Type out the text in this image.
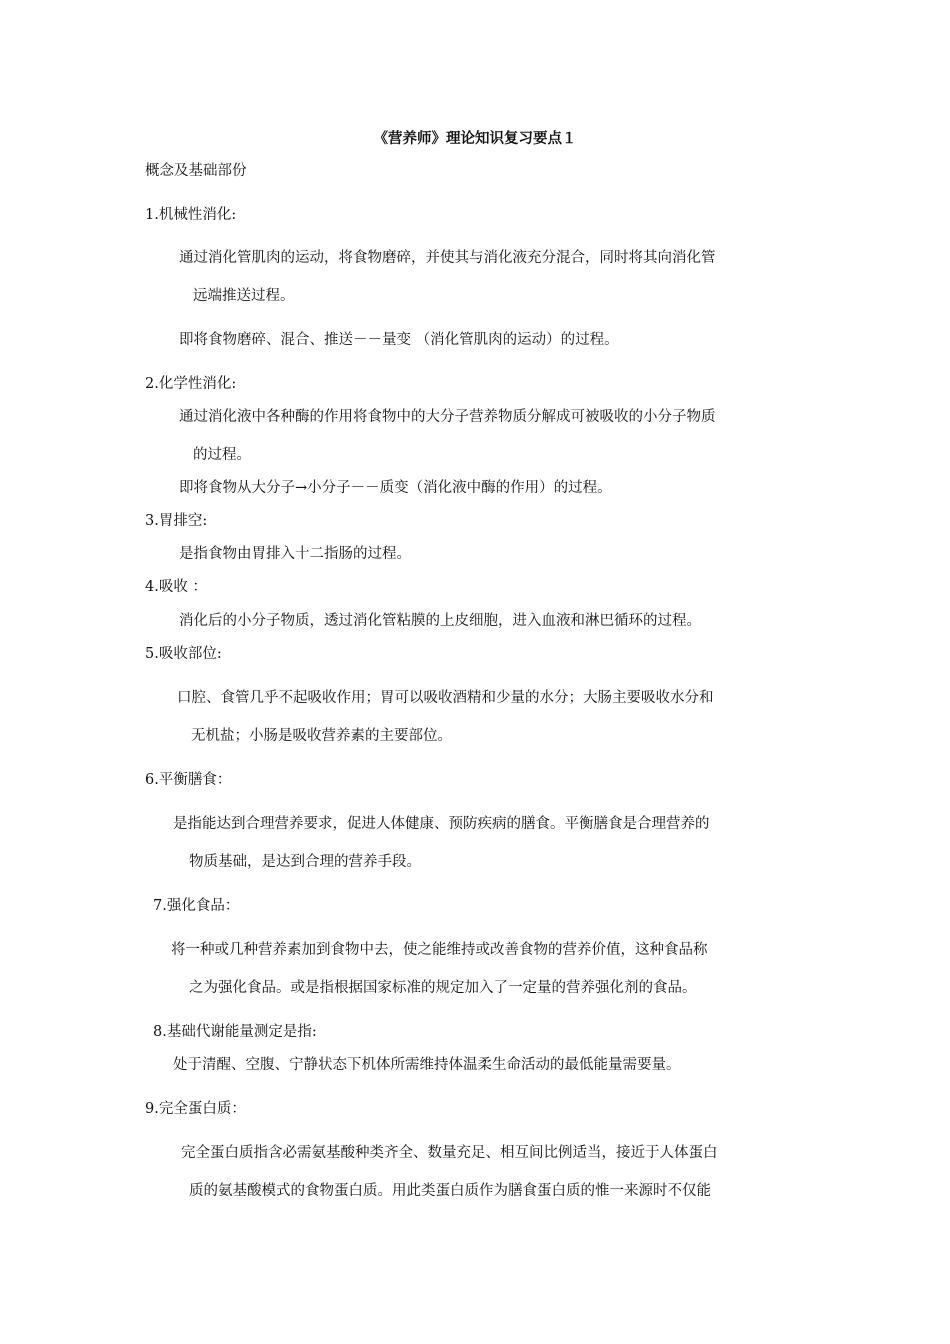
《营养师》理论知识复习要点１
概念及基础部份
1.机械性消化:
通过消化管肌肉的运动，将食物磨碎，并使其与消化液充分混合，同时将其向消化管
远端推送过程。
即将食物磨碎、混合、推送－－量变 （消化管肌肉的运动）的过程。
2.化学性消化:
通过消化液中各种酶的作用将食物中的大分子营养物质分解成可被吸收的小分子物质
的过程。
即将食物从大分子→小分子－－质变（消化液中酶的作用）的过程。
3.胃排空:
是指食物由胃排入十二指肠的过程。
4.吸收 ：
消化后的小分子物质，透过消化管粘膜的上皮细胞，进入血液和淋巴循环的过程。
5.吸收部位:
口腔、食管几乎不起吸收作用；胃可以吸收酒精和少量的水分；大肠主要吸收水分和
无机盐；小肠是吸收营养素的主要部位。
6.平衡膳食：
是指能达到合理营养要求，促进人体健康、预防疾病的膳食。平衡膳食是合理营养的
物质基础，是达到合理的营养手段。
7.强化食品：
将一种或几种营养素加到食物中去，使之能维持或改善食物的营养价值，这种食品称
之为强化食品。或是指根据国家标准的规定加入了一定量的营养强化剂的食品。
8.基础代谢能量测定是指:
处于清醒、空腹、宁静状态下机体所需维持体温柔生命活动的最低能量需要量。
9.完全蛋白质：
完全蛋白质指含必需氨基酸种类齐全、数量充足、相互间比例适当，接近于人体蛋白
质的氨基酸模式的食物蛋白质。用此类蛋白质作为膳食蛋白质的惟一来源时不仅能
